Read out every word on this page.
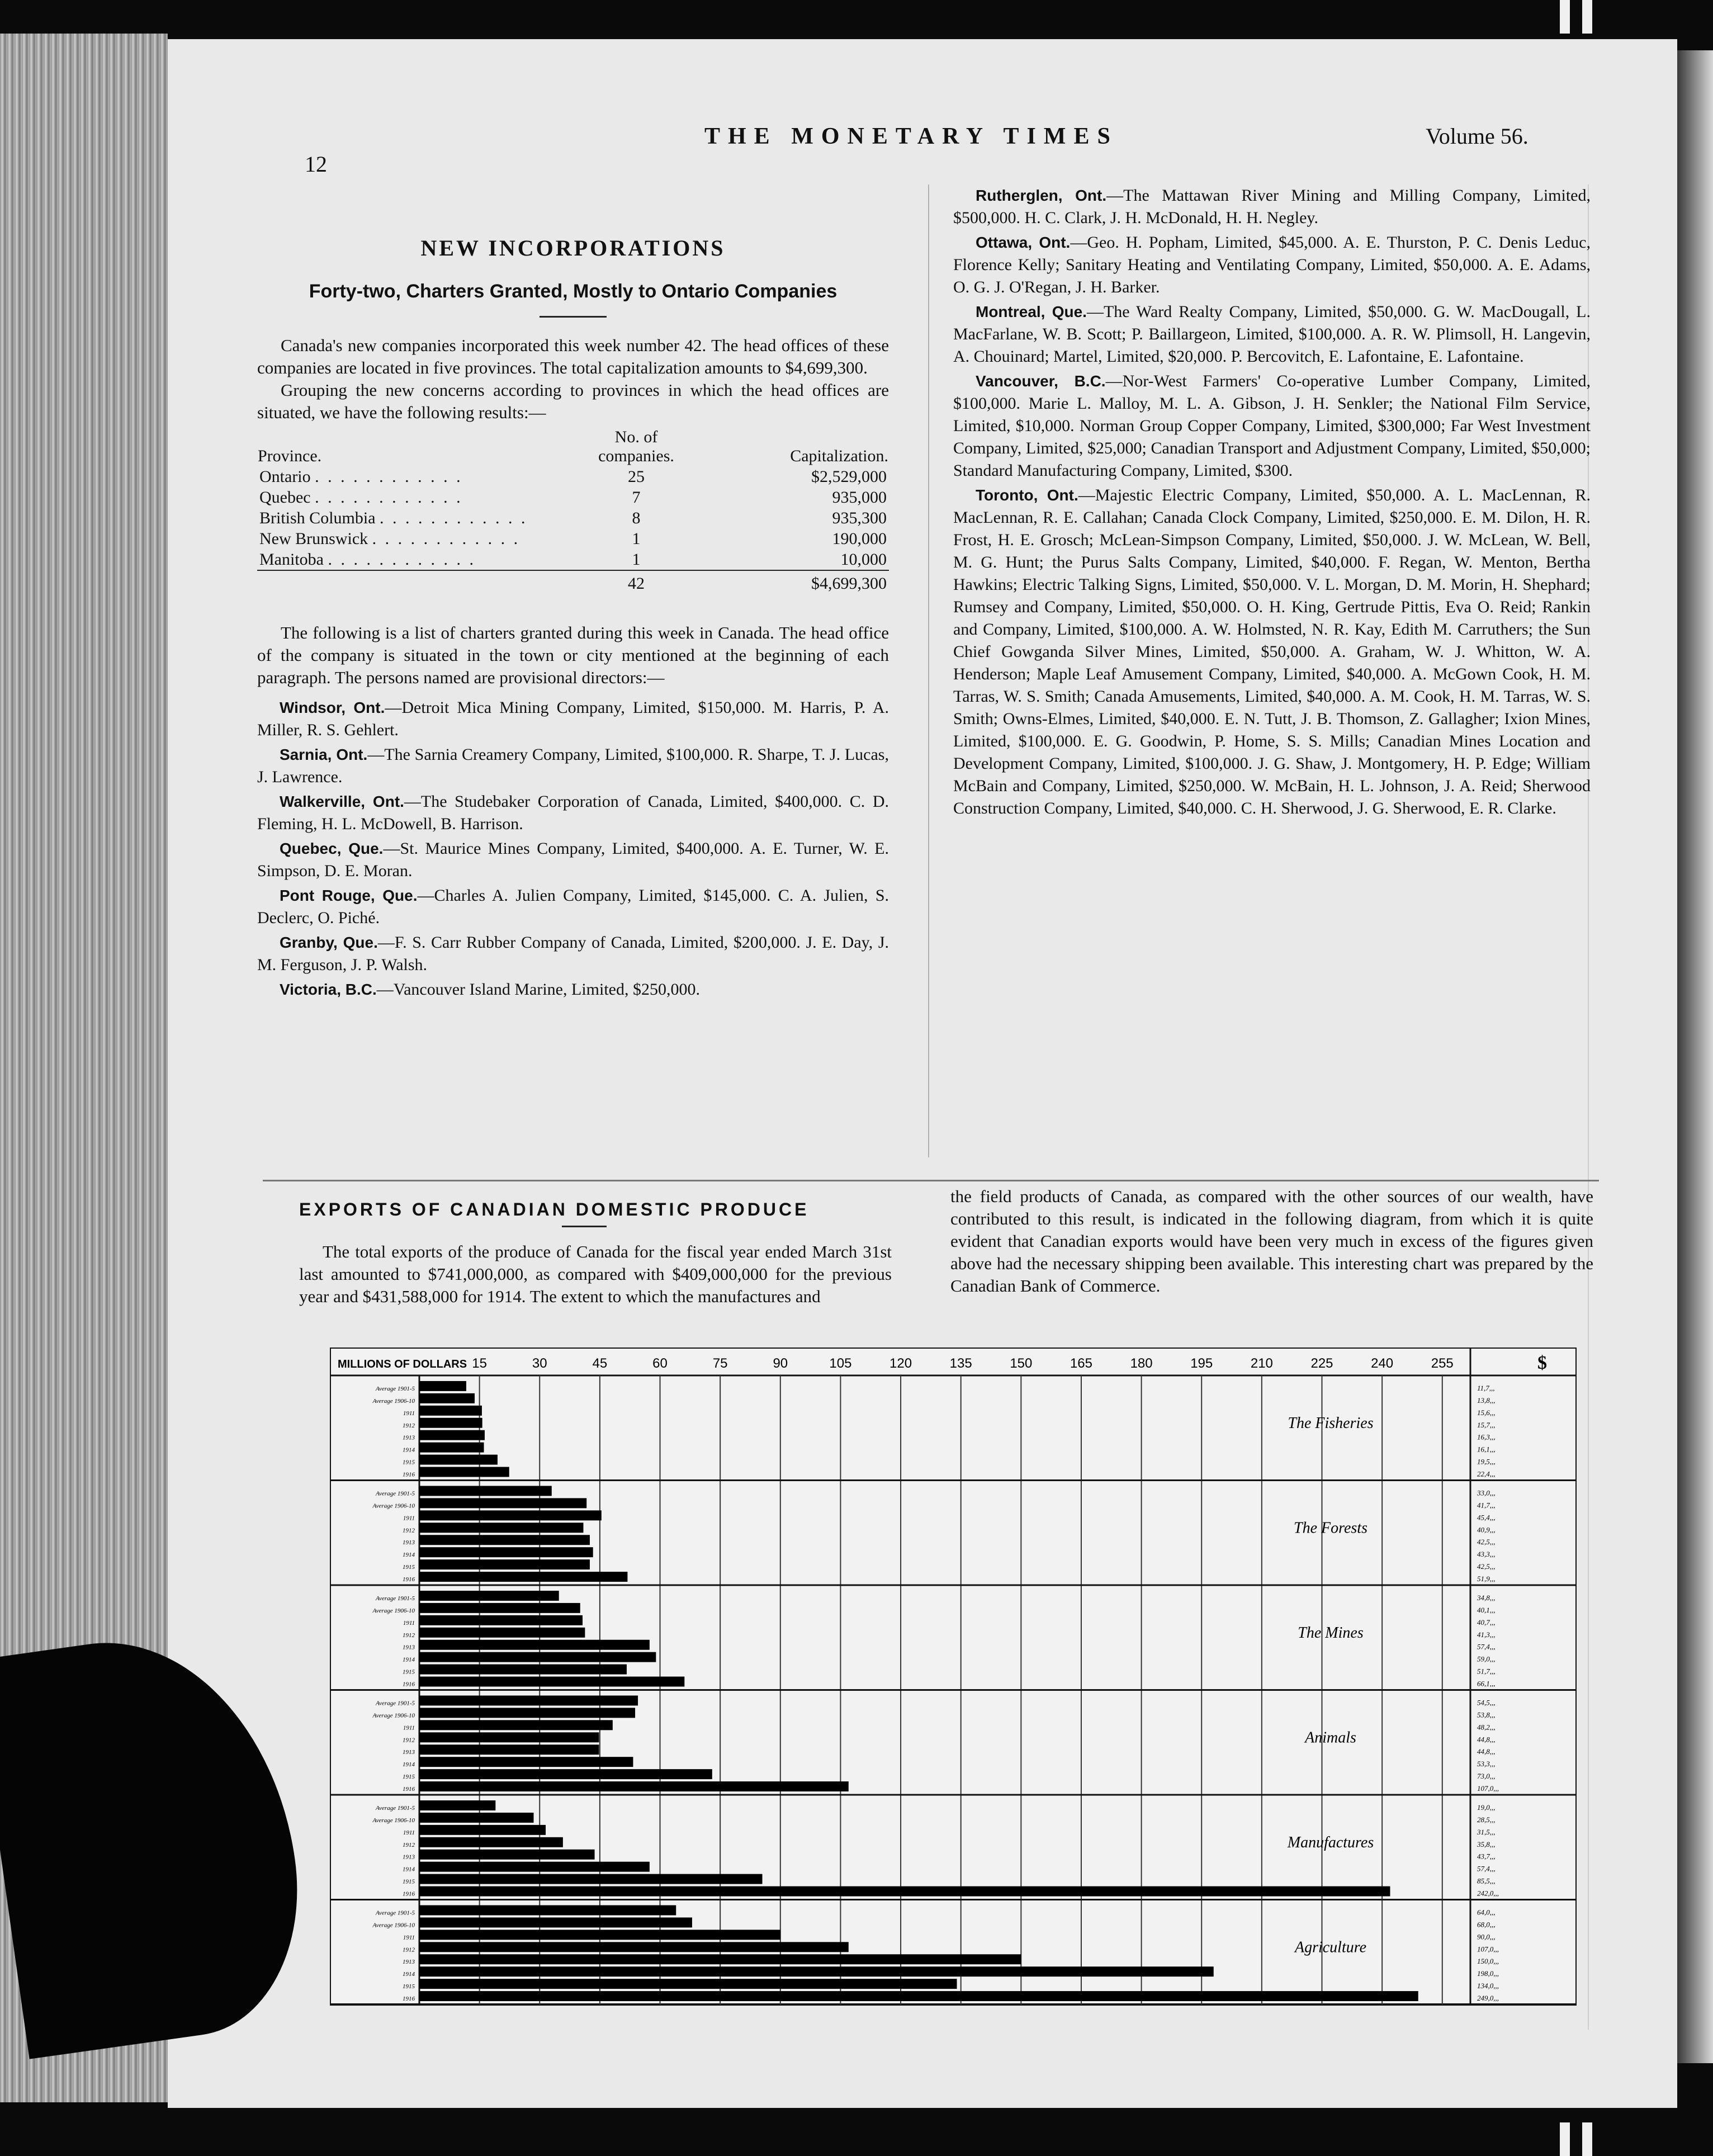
12
THE MONETARY TIMES	Volume 56.
NEW INCORPORATIONS
Forty-two, Charters Granted, Mostly to Ontario Companies

Canada's new companies incorporated this week number 42. The head offices of these companies are located in five provinces. The total capitalization amounts to $4,699,300.

Grouping the new concerns according to provinces in which the head offices are situated, we have the following results:—

Province.	No. of companies.	Capitalization.
Ontario . . . . . . . . . . . .	25	$2,529,000
Quebec . . . . . . . . . . . .	7	935,000
British Columbia . . . . . . . . . . . .	8	935,300
New Brunswick . . . . . . . . . . . .	1	190,000
Manitoba . . . . . . . . . . . .	1	10,000
	42	$4,699,300

The following is a list of charters granted during this week in Canada. The head office of the company is situated in the town or city mentioned at the beginning of each paragraph. The persons named are provisional directors:—

Windsor, Ont.—Detroit Mica Mining Company, Limited, $150,000. M. Harris, P. A. Miller, R. S. Gehlert.

Sarnia, Ont.—The Sarnia Creamery Company, Limited, $100,000. R. Sharpe, T. J. Lucas, J. Lawrence.

Walkerville, Ont.—The Studebaker Corporation of Canada, Limited, $400,000. C. D. Fleming, H. L. McDowell, B. Harrison.

Quebec, Que.—St. Maurice Mines Company, Limited, $400,000. A. E. Turner, W. E. Simpson, D. E. Moran.

Pont Rouge, Que.—Charles A. Julien Company, Limited, $145,000. C. A. Julien, S. Declerc, O. Piché.

Granby, Que.—F. S. Carr Rubber Company of Canada, Limited, $200,000. J. E. Day, J. M. Ferguson, J. P. Walsh.

Victoria, B.C.—Vancouver Island Marine, Limited, $250,000.

Rutherglen, Ont.—The Mattawan River Mining and Milling Company, Limited, $500,000. H. C. Clark, J. H. McDonald, H. H. Negley.

Ottawa, Ont.—Geo. H. Popham, Limited, $45,000. A. E. Thurston, P. C. Denis Leduc, Florence Kelly; Sanitary Heating and Ventilating Company, Limited, $50,000. A. E. Adams, O. G. J. O'Regan, J. H. Barker.

Montreal, Que.—The Ward Realty Company, Limited, $50,000. G. W. MacDougall, L. MacFarlane, W. B. Scott; P. Baillargeon, Limited, $100,000. A. R. W. Plimsoll, H. Langevin, A. Chouinard; Martel, Limited, $20,000. P. Bercovitch, E. Lafontaine, E. Lafontaine.

Vancouver, B.C.—Nor-West Farmers' Co-operative Lumber Company, Limited, $100,000. Marie L. Malloy, M. L. A. Gibson, J. H. Senkler; the National Film Service, Limited, $10,000. Norman Group Copper Company, Limited, $300,000; Far West Investment Company, Limited, $25,000; Canadian Transport and Adjustment Company, Limited, $50,000; Standard Manufacturing Company, Limited, $300.

Toronto, Ont.—Majestic Electric Company, Limited, $50,000. A. L. MacLennan, R. MacLennan, R. E. Callahan; Canada Clock Company, Limited, $250,000. E. M. Dilon, H. R. Frost, H. E. Grosch; McLean-Simpson Company, Limited, $50,000. J. W. McLean, W. Bell, M. G. Hunt; the Purus Salts Company, Limited, $40,000. F. Regan, W. Menton, Bertha Hawkins; Electric Talking Signs, Limited, $50,000. V. L. Morgan, D. M. Morin, H. Shephard; Rumsey and Company, Limited, $50,000. O. H. King, Gertrude Pittis, Eva O. Reid; Rankin and Company, Limited, $100,000. A. W. Holmsted, N. R. Kay, Edith M. Carruthers; the Sun Chief Gowganda Silver Mines, Limited, $50,000. A. Graham, W. J. Whitton, W. A. Henderson; Maple Leaf Amusement Company, Limited, $40,000. A. McGown Cook, H. M. Tarras, W. S. Smith; Canada Amusements, Limited, $40,000. A. M. Cook, H. M. Tarras, W. S. Smith; Owns-Elmes, Limited, $40,000. E. N. Tutt, J. B. Thomson, Z. Gallagher; Ixion Mines, Limited, $100,000. E. G. Goodwin, P. Home, S. S. Mills; Canadian Mines Location and Development Company, Limited, $100,000. J. G. Shaw, J. Montgomery, H. P. Edge; William McBain and Company, Limited, $250,000. W. McBain, H. L. Johnson, J. A. Reid; Sherwood Construction Company, Limited, $40,000. C. H. Sherwood, J. G. Sherwood, E. R. Clarke.

EXPORTS OF CANADIAN DOMESTIC PRODUCE

The total exports of the produce of Canada for the fiscal year ended March 31st last amounted to $741,000,000, as compared with $409,000,000 for the previous year and $431,588,000 for 1914. The extent to which the manufactures and

the field products of Canada, as compared with the other sources of our wealth, have contributed to this result, is indicated in the following diagram, from which it is quite evident that Canadian exports would have been very much in excess of the figures given above had the necessary shipping been available. This interesting chart was prepared by the Canadian Bank of Commerce.

MILLIONS OF DOLLARS	$
15	30	45	60	75	90	105	120	135	150	165	180	195	210	225	240	255
Average 1901-5	11,7,,,
Average 1906-10	13,8,,,
1911	15,6,,,
1912	15,7,,,
1913	16,3,,,
1914	16,1,,,
1915	19,5,,,
1916	22,4,,,
The Fisheries
Average 1901-5	33,0,,,
Average 1906-10	41,7,,,
1911	45,4,,,
1912	40,9,,,
1913	42,5,,,
1914	43,3,,,
1915	42,5,,,
1916	51,9,,,
The Forests
Average 1901-5	34,8,,,
Average 1906-10	40,1,,,
1911	40,7,,,
1912	41,3,,,
1913	57,4,,,
1914	59,0,,,
1915	51,7,,,
1916	66,1,,,
The Mines
Average 1901-5	54,5,,,
Average 1906-10	53,8,,,
1911	48,2,,,
1912	44,8,,,
1913	44,8,,,
1914	53,3,,,
1915	73,0,,,
1916	107,0,,,
Animals
Average 1901-5	19,0,,,
Average 1906-10	28,5,,,
1911	31,5,,,
1912	35,8,,,
1913	43,7,,,
1914	57,4,,,
1915	85,5,,,
1916	242,0,,,
Manufactures
Average 1901-5	64,0,,,
Average 1906-10	68,0,,,
1911	90,0,,,
1912	107,0,,,
1913	150,0,,,
1914	198,0,,,
1915	134,0,,,
1916	249,0,,,
Agriculture
